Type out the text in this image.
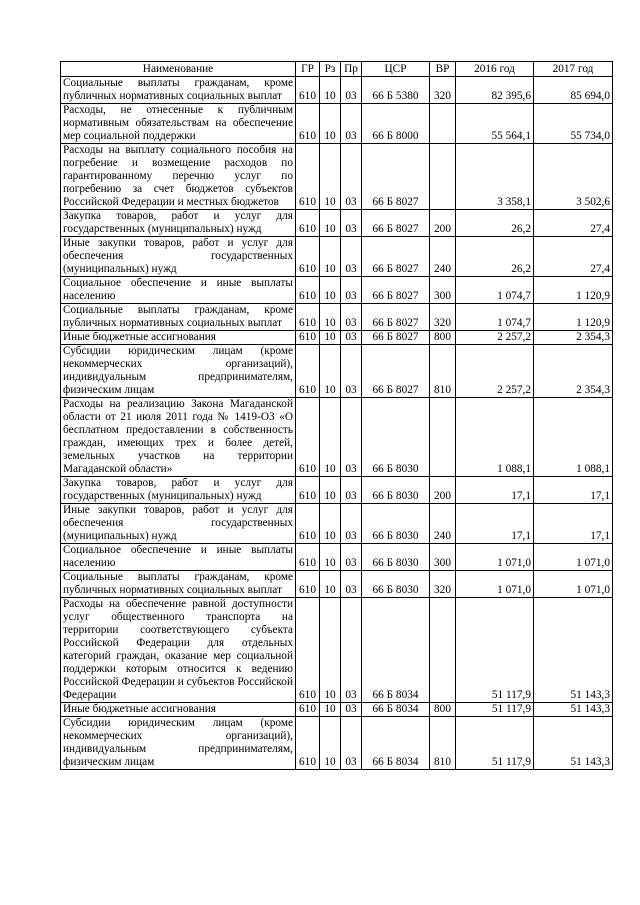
Наименование	ГР	Рз	Пр	ЦСР	ВР	2016 год	2017 год
Социальные выплаты гражданам, кроме публичных нормативных социальных выплат	610	10	03	66 Б 5380	320	82 395,6	85 694,0
Расходы, не отнесенные к публичным нормативным обязательствам на обеспечение мер социальной поддержки	610	10	03	66 Б 8000		55 564,1	55 734,0
Расходы на выплату социального пособия на погребение и возмещение расходов по гарантированному перечню услуг по погребению за счет бюджетов субъектов Российской Федерации и местных бюджетов	610	10	03	66 Б 8027		3 358,1	3 502,6
Закупка товаров, работ и услуг для государственных (муниципальных) нужд	610	10	03	66 Б 8027	200	26,2	27,4
Иные закупки товаров, работ и услуг для обеспечения государственных (муниципальных) нужд	610	10	03	66 Б 8027	240	26,2	27,4
Социальное обеспечение и иные выплаты населению	610	10	03	66 Б 8027	300	1 074,7	1 120,9
Социальные выплаты гражданам, кроме публичных нормативных социальных выплат	610	10	03	66 Б 8027	320	1 074,7	1 120,9
Иные бюджетные ассигнования	610	10	03	66 Б 8027	800	2 257,2	2 354,3
Субсидии юридическим лицам (кроме некоммерческих организаций), индивидуальным предпринимателям, физическим лицам	610	10	03	66 Б 8027	810	2 257,2	2 354,3
Расходы на реализацию Закона Магаданской области от 21 июля 2011 года № 1419-ОЗ «О бесплатном предоставлении в собственность граждан, имеющих трех и более детей, земельных участков на территории Магаданской области»	610	10	03	66 Б 8030		1 088,1	1 088,1
Закупка товаров, работ и услуг для государственных (муниципальных) нужд	610	10	03	66 Б 8030	200	17,1	17,1
Иные закупки товаров, работ и услуг для обеспечения государственных (муниципальных) нужд	610	10	03	66 Б 8030	240	17,1	17,1
Социальное обеспечение и иные выплаты населению	610	10	03	66 Б 8030	300	1 071,0	1 071,0
Социальные выплаты гражданам, кроме публичных нормативных социальных выплат	610	10	03	66 Б 8030	320	1 071,0	1 071,0
Расходы на обеспечение равной доступности услуг общественного транспорта на территории соответствующего субъекта Российской Федерации для отдельных категорий граждан, оказание мер социальной поддержки которым относится к ведению Российской Федерации и субъектов Российской Федерации	610	10	03	66 Б 8034		51 117,9	51 143,3
Иные бюджетные ассигнования	610	10	03	66 Б 8034	800	51 117,9	51 143,3
Субсидии юридическим лицам (кроме некоммерческих организаций), индивидуальным предпринимателям, физическим лицам	610	10	03	66 Б 8034	810	51 117,9	51 143,3
